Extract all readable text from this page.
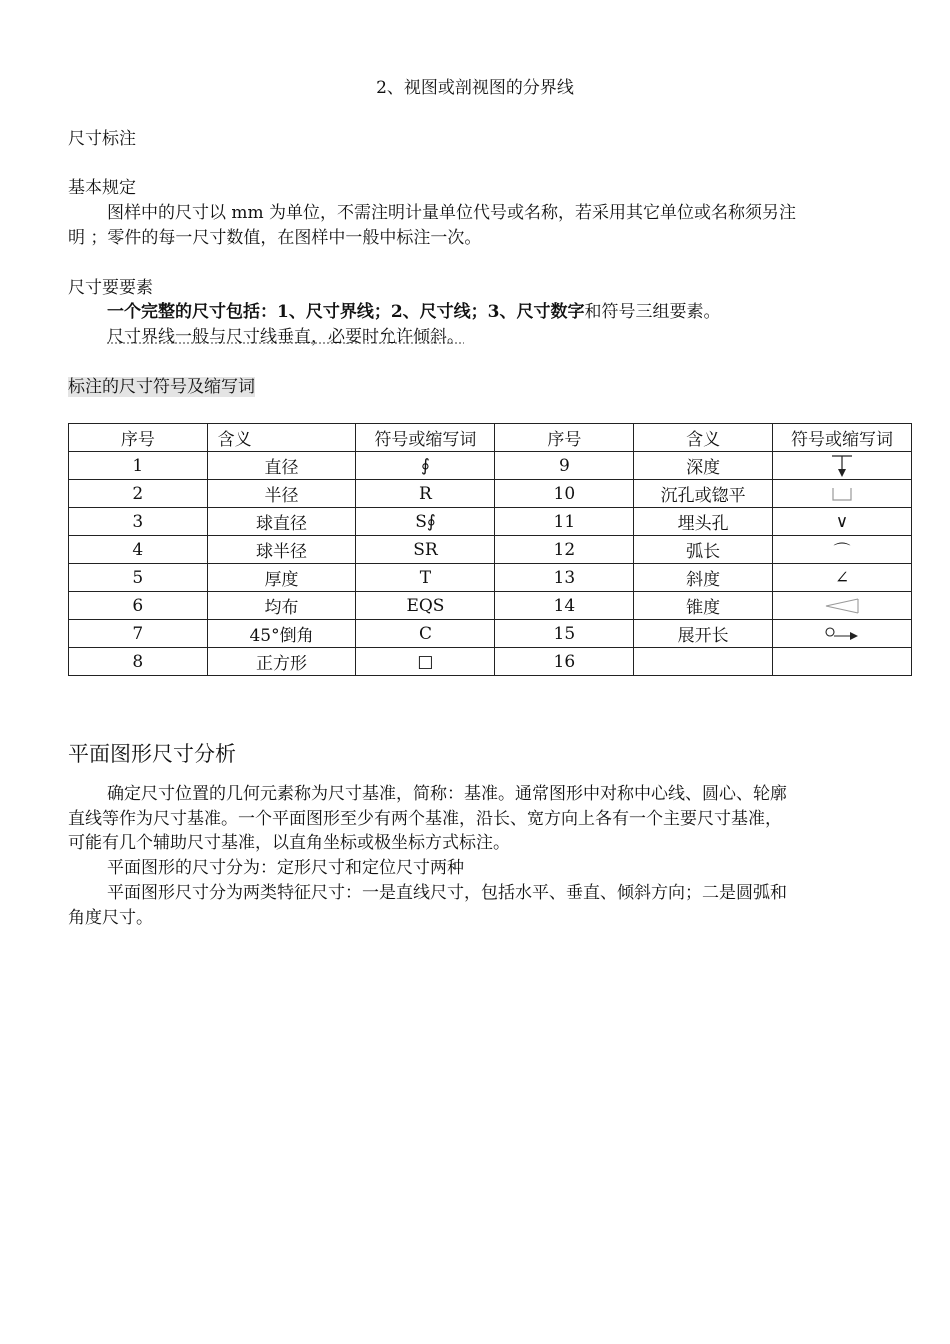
2、视图或剖视图的分界线
尺寸标注
基本规定
图样中的尺寸以 mm 为单位，不需注明计量单位代号或名称，若采用其它单位或名称须另注
明 ；零件的每一尺寸数值，在图样中一般中标注一次。
尺寸要要素
一个完整的尺寸包括：1、尺寸界线；2、尺寸线；3、尺寸数字和符号三组要素。
尺寸界线一般与尺寸线垂直，必要时允许倾斜。
标注的尺寸符号及缩写词
序号	含义	符号或缩写词	序号	含义	符号或缩写词
1	直径	∮	9	深度	
2	半径	R	10	沉孔或锪平	
3	球直径	S∮	11	埋头孔	∨
4	球半径	SR	12	弧长	⌒
5	厚度	T	13	斜度	∠
6	均布	EQS	14	锥度	
7	45°倒角	C	15	展开长	
8	正方形	□	16		
平面图形尺寸分析
确定尺寸位置的几何元素称为尺寸基准，简称：基准。通常图形中对称中心线、圆心、轮廓
直线等作为尺寸基准。一个平面图形至少有两个基准，沿长、宽方向上各有一个主要尺寸基准，
可能有几个辅助尺寸基准，以直角坐标或极坐标方式标注。
平面图形的尺寸分为：定形尺寸和定位尺寸两种
平面图形尺寸分为两类特征尺寸：一是直线尺寸，包括水平、垂直、倾斜方向；二是圆弧和
角度尺寸。
